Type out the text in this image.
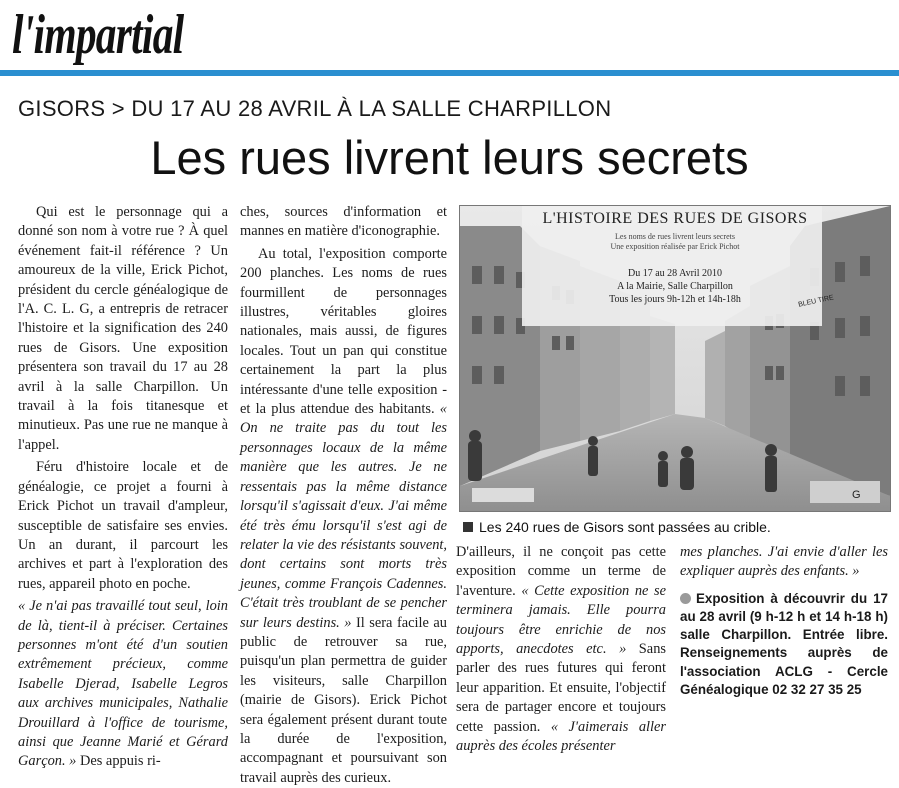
l'impartial
GISORS > DU 17 AU 28 AVRIL À LA SALLE CHARPILLON
Les rues livrent leurs secrets

Qui est le personnage qui a donné son nom à votre rue ? À quel événement fait-il référence ? Un amoureux de la ville, Erick Pichot, président du cercle généalogique de l'A. C. L. G, a entrepris de retracer l'histoire et la signification des 240 rues de Gisors. Une exposition présentera son travail du 17 au 28 avril à la salle Charpillon. Un travail à la fois titanesque et minutieux. Pas une rue ne manque à l'appel.

Féru d'histoire locale et de généalogie, ce projet a fourni à Erick Pichot un travail d'ampleur, susceptible de satisfaire ses envies. Un an durant, il parcourt les archives et part à l'exploration des rues, appareil photo en poche.

« Je n'ai pas travaillé tout seul, loin de là, tient-il à préciser. Certaines personnes m'ont été d'un soutien extrêmement précieux, comme Isabelle Djerad, Isabelle Legros aux archives municipales, Nathalie Drouillard à l'office de tourisme, ainsi que Jeanne Marié et Gérard Garçon. » Des appuis ri-

ches, sources d'information et mannes en matière d'iconographie.

Au total, l'exposition comporte 200 planches. Les noms de rues fourmillent de personnages illustres, véritables gloires nationales, mais aussi, de figures locales. Tout un pan qui constitue certainement la part la plus intéressante d'une telle exposition - et la plus attendue des habitants. « On ne traite pas du tout les personnages locaux de la même manière que les autres. Je ne ressentais pas la même distance lorsqu'il s'agissait d'eux. J'ai même été très ému lorsqu'il s'est agi de relater la vie des résistants souvent, dont certains sont morts très jeunes, comme François Cadennes. C'était très troublant de se pencher sur leurs destins. » Il sera facile au public de retrouver sa rue, puisqu'un plan permettra de guider les visiteurs, salle Charpillon (mairie de Gisors). Erick Pichot sera également présent durant toute la durée de l'exposition, accompagnant et poursuivant son travail auprès des curieux.

L'HISTOIRE DES RUES DE GISORS
Les noms de rues livrent leurs secrets
Une exposition réalisée par Erick Pichot
Du 17 au 28 Avril 2010
A la Mairie, Salle Charpillon
Tous les jours 9h-12h et 14h-18h	BLEU TIRE
G
Les 240 rues de Gisors sont passées au crible.

D'ailleurs, il ne conçoit pas cette exposition comme un terme de l'aventure. « Cette exposition ne se terminera jamais. Elle pourra toujours être enrichie de nos apports, anecdotes etc. » Sans parler des rues futures qui feront leur apparition. Et ensuite, l'objectif sera de partager encore et toujours cette passion. « J'aimerais aller auprès des écoles présenter

mes planches. J'ai envie d'aller les expliquer auprès des enfants. »

Exposition à découvrir du 17 au 28 avril (9 h-12 h et 14 h-18 h) salle Charpillon. Entrée libre. Renseignements auprès de l'association ACLG - Cercle Généalogique 02 32 27 35 25
